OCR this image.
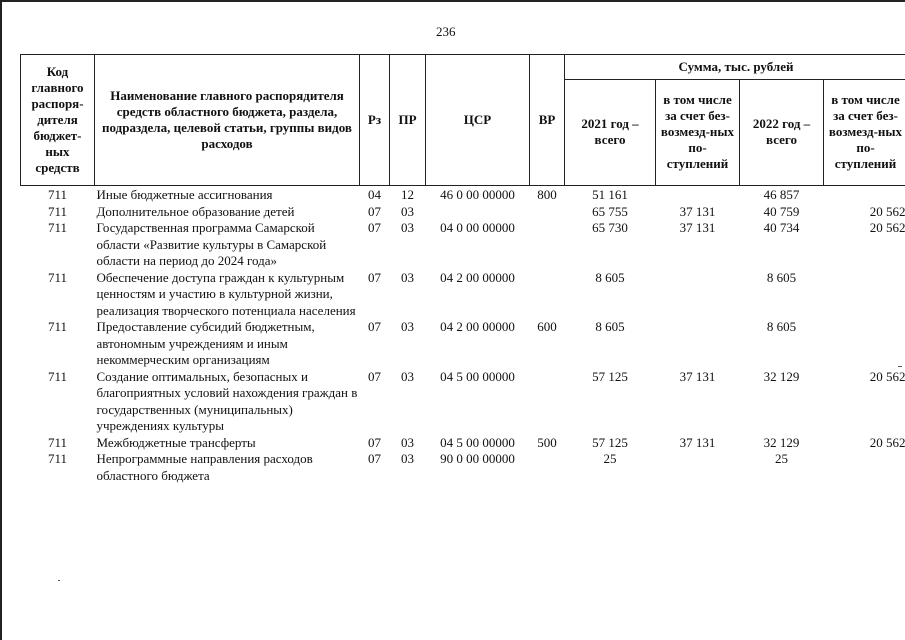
236
Код главного распоря-дителя бюджет-ных средств	Наименование главного распорядителя средств областного бюджета, раздела, подраздела, целевой статьи, группы видов расходов	Рз	ПР	ЦСР	ВР	Сумма, тыс. рублей			
						2021 год – всего	в том числе за счет без-возмезд-ных по-ступлений	2022 год – всего	в том числе за счет без-возмезд-ных по-ступлений
711	Иные бюджетные ассигнования	04	12	46 0 00 00000	800	51 161		46 857	
711	Дополнительное образование детей	07	03			65 755	37 131	40 759	20 562
711	Государственная программа Самарской области «Развитие культуры в Самарской области на период до 2024 года»	07	03	04 0 00 00000		65 730	37 131	40 734	20 562
711	Обеспечение доступа граждан к культурным ценностям и участию в культурной жизни, реализация творческого потенциала населения	07	03	04 2 00 00000		8 605		8 605	
711	Предоставление субсидий бюджетным, автономным учреждениям и иным некоммерческим организациям	07	03	04 2 00 00000	600	8 605		8 605	
711	Создание оптимальных, безопасных и благоприятных условий нахождения граждан в государственных (муниципальных) учреждениях культуры	07	03	04 5 00 00000		57 125	37 131	32 129	20 562
711	Межбюджетные трансферты	07	03	04 5 00 00000	500	57 125	37 131	32 129	20 562
711	Непрограммные направления расходов областного бюджета	07	03	90 0 00 00000		25		25	
